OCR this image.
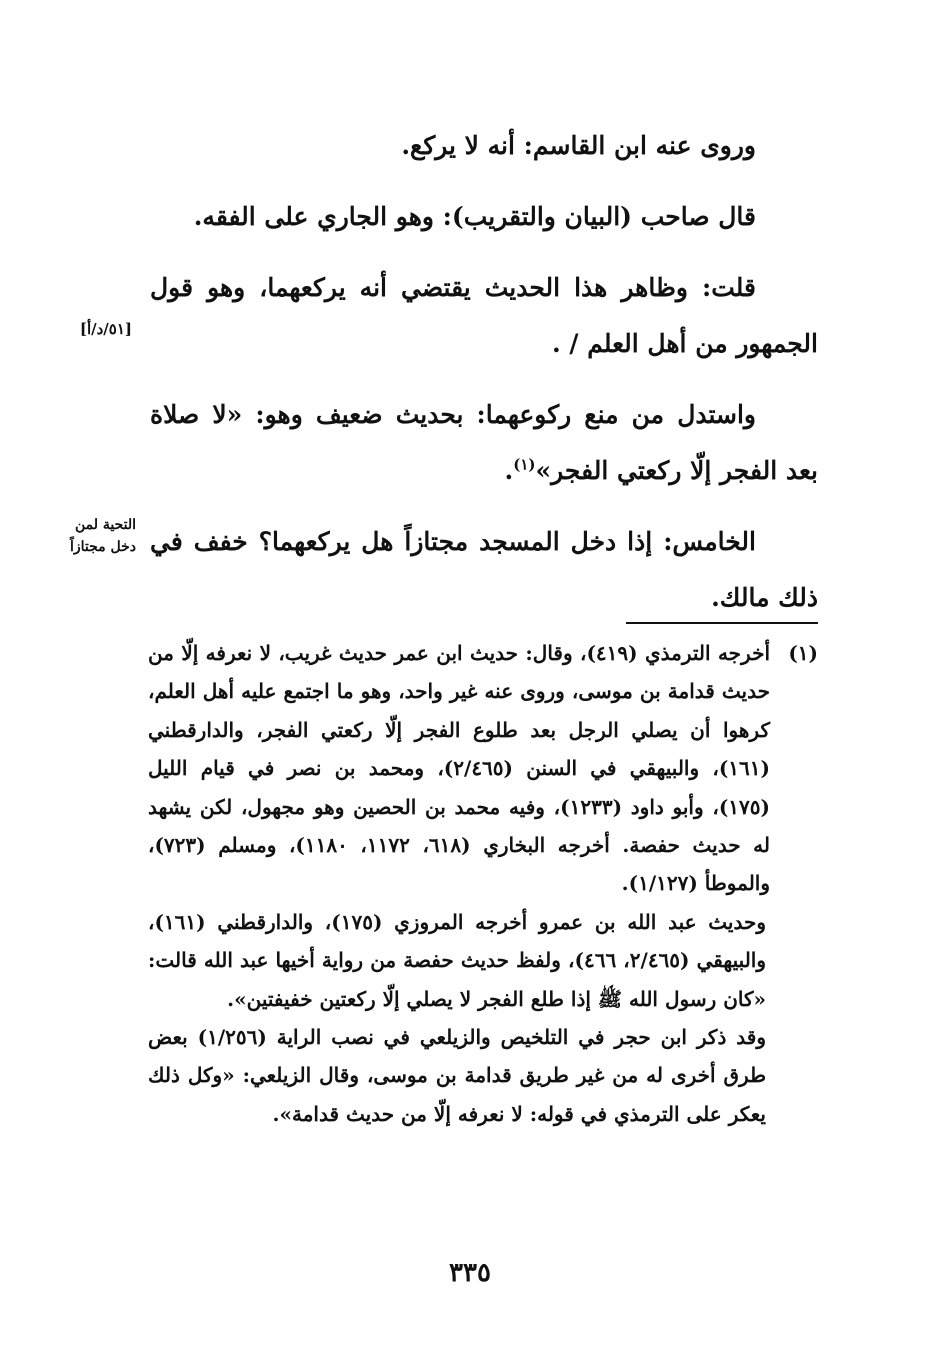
وروى عنه ابن القاسم: أنه لا يركع.

قال صاحب (البيان والتقريب): وهو الجاري على الفقه.

قلت: وظاهر هذا الحديث يقتضي أنه يركعهما، وهو قول الجمهور من أهل العلم / .

واستدل من منع ركوعهما: بحديث ضعيف وهو: «لا صلاة بعد الفجر إلّا ركعتي الفجر»$^{(١)}$.

الخامس: إذا دخل المسجد مجتازاً هل يركعهما؟ خفف في ذلك مالك.

[٥١/د/أ]
التحية لمن
دخل مجتازاً
(١)
أخرجه الترمذي (٤١٩)، وقال: حديث ابن عمر حديث غريب، لا نعرفه إلّا من حديث قدامة بن موسى، وروى عنه غير واحد، وهو ما اجتمع عليه أهل العلم، كرهوا أن يصلي الرجل بعد طلوع الفجر إلّا ركعتي الفجر، والدارقطني (١٦١)، والبيهقي في السنن (٢/٤٦٥)، ومحمد بن نصر في قيام الليل (١٧٥)، وأبو داود (١٢٣٣)، وفيه محمد بن الحصين وهو مجهول، لكن يشهد له حديث حفصة. أخرجه البخاري (٦١٨، ١١٧٢، ١١٨٠)، ومسلم (٧٢٣)، والموطأ (١/١٢٧).

وحديث عبد الله بن عمرو أخرجه المروزي (١٧٥)، والدارقطني (١٦١)، والبيهقي (٢/٤٦٥، ٤٦٦)، ولفظ حديث حفصة من رواية أخيها عبد الله قالت: «كان رسول الله ﷺ إذا طلع الفجر لا يصلي إلّا ركعتين خفيفتين».

وقد ذكر ابن حجر في التلخيص والزيلعي في نصب الراية (١/٢٥٦) بعض طرق أخرى له من غير طريق قدامة بن موسى، وقال الزيلعي: «وكل ذلك يعكر على الترمذي في قوله: لا نعرفه إلّا من حديث قدامة».

٣٣٥
